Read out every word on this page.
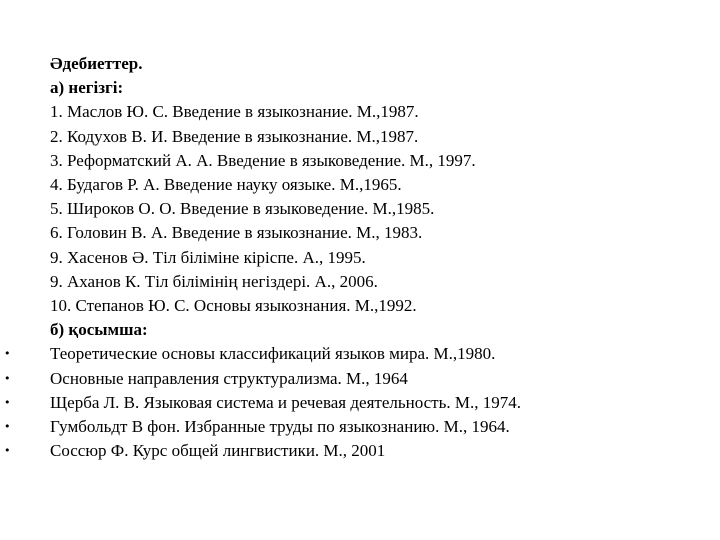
Әдебиеттер.
а) негізгі:
1. Маслов Ю. С. Введение в языкознание. М.,1987.
2. Кодухов В. И. Введение в языкознание. М.,1987.
3. Реформатский А. А. Введение в языковедение. М., 1997.
4. Будагов Р. А. Введение науку оязыке. М.,1965.
5. Широков О. О. Введение в языковедение. М.,1985.
6. Головин В. А. Введение в языкознание. М., 1983.
9. Хасенов Ә. Тіл біліміне кіріспе. А., 1995.
9. Аханов К. Тіл білімінің негіздері. А., 2006.
10. Степанов Ю. С. Основы языкознания. М.,1992.
б) қосымша:
• Теоретические основы классификаций языков мира. М.,1980.
• Основные направления структурализма. М., 1964
• Щерба Л. В. Языковая система и речевая деятельность. М., 1974.
• Гумбольдт В фон. Избранные труды по языкознанию. М., 1964.
• Соссюр Ф. Курс общей лингвистики. М., 2001
